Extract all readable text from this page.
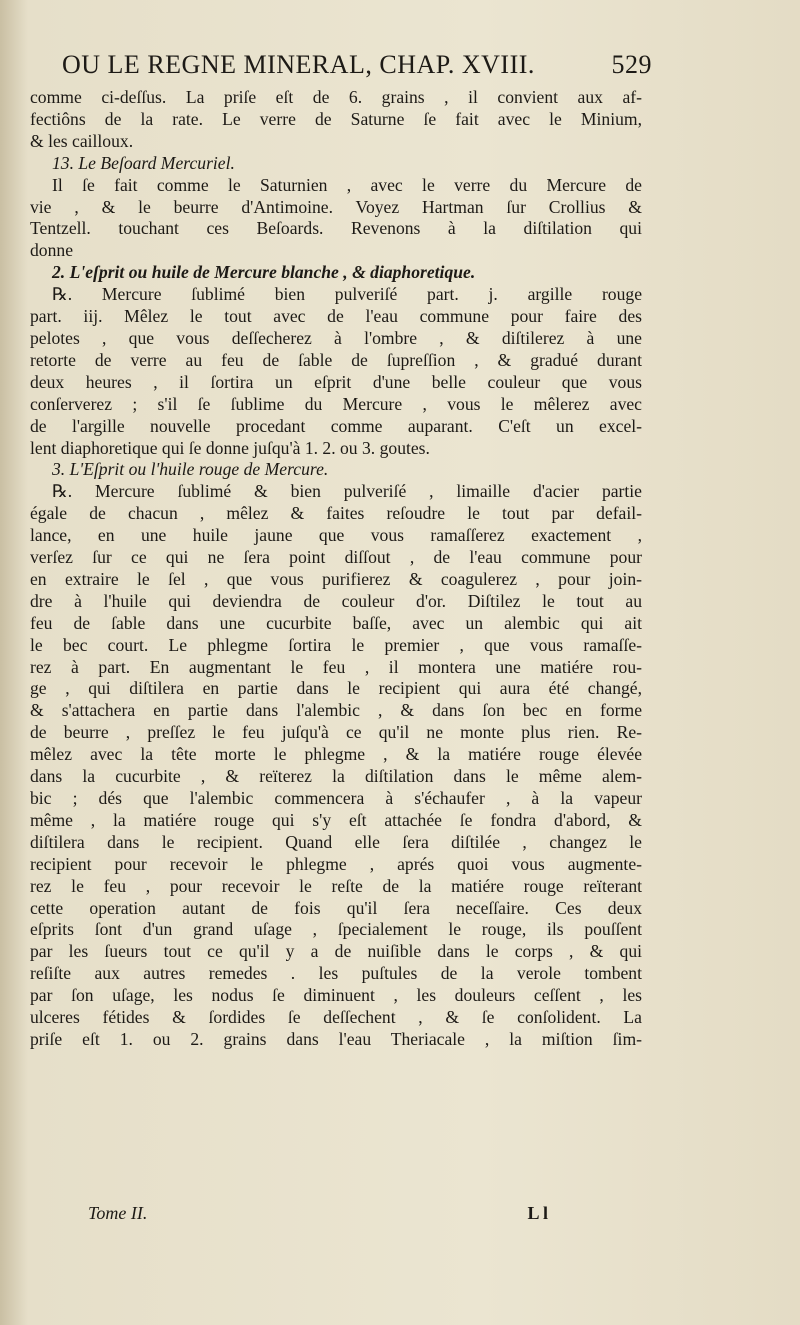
OU LE REGNE MINERAL, CHAP. XVIII.	529
comme ci-deſſus. La priſe eſt de 6. grains , il convient aux af-
fectiôns de la rate. Le verre de Saturne ſe fait avec le Minium,
& les cailloux.
13. Le Beſoard Mercuriel.
Il ſe fait comme le Saturnien , avec le verre du Mercure de
vie , & le beurre d'Antimoine. Voyez Hartman ſur Crollius &
Tentzell. touchant ces Beſoards. Revenons à la diſtilation qui
donne
2. L'eſprit ou huile de Mercure blanche , & diaphoretique.
℞. Mercure ſublimé bien pulveriſé part. j. argille rouge
part. iij. Mêlez le tout avec de l'eau commune pour faire des
pelotes , que vous deſſecherez à l'ombre , & diſtilerez à une
retorte de verre au feu de ſable de ſupreſſion , & gradué durant
deux heures , il ſortira un eſprit d'une belle couleur que vous
conſerverez ; s'il ſe ſublime du Mercure , vous le mêlerez avec
de l'argille nouvelle procedant comme auparant. C'eſt un excel-
lent diaphoretique qui ſe donne juſqu'à 1. 2. ou 3. goutes.
3. L'Eſprit ou l'huile rouge de Mercure.
℞. Mercure ſublimé & bien pulveriſé , limaille d'acier partie
égale de chacun , mêlez & faites reſoudre le tout par defail-
lance, en une huile jaune que vous ramaſſerez exactement ,
verſez ſur ce qui ne ſera point diſſout , de l'eau commune pour
en extraire le ſel , que vous purifierez & coagulerez , pour join-
dre à l'huile qui deviendra de couleur d'or. Diſtilez le tout au
feu de ſable dans une cucurbite baſſe, avec un alembic qui ait
le bec court. Le phlegme ſortira le premier , que vous ramaſſe-
rez à part. En augmentant le feu , il montera une matiére rou-
ge , qui diſtilera en partie dans le recipient qui aura été changé,
& s'attachera en partie dans l'alembic , & dans ſon bec en forme
de beurre , preſſez le feu juſqu'à ce qu'il ne monte plus rien. Re-
mêlez avec la tête morte le phlegme , & la matiére rouge élevée
dans la cucurbite , & reïterez la diſtilation dans le même alem-
bic ; dés que l'alembic commencera à s'échaufer , à la vapeur
même , la matiére rouge qui s'y eſt attachée ſe fondra d'abord, &
diſtilera dans le recipient. Quand elle ſera diſtilée , changez le
recipient pour recevoir le phlegme , aprés quoi vous augmente-
rez le feu , pour recevoir le reſte de la matiére rouge reïterant
cette operation autant de fois qu'il ſera neceſſaire. Ces deux
eſprits ſont d'un grand uſage , ſpecialement le rouge, ils pouſſent
par les ſueurs tout ce qu'il y a de nuiſible dans le corps , & qui
reſiſte aux autres remedes . les puſtules de la verole tombent
par ſon uſage, les nodus ſe diminuent , les douleurs ceſſent , les
ulceres fétides & ſordides ſe deſſechent , & ſe conſolident. La
priſe eſt 1. ou 2. grains dans l'eau Theriacale , la miſtion ſim-
Tome II.	L l
